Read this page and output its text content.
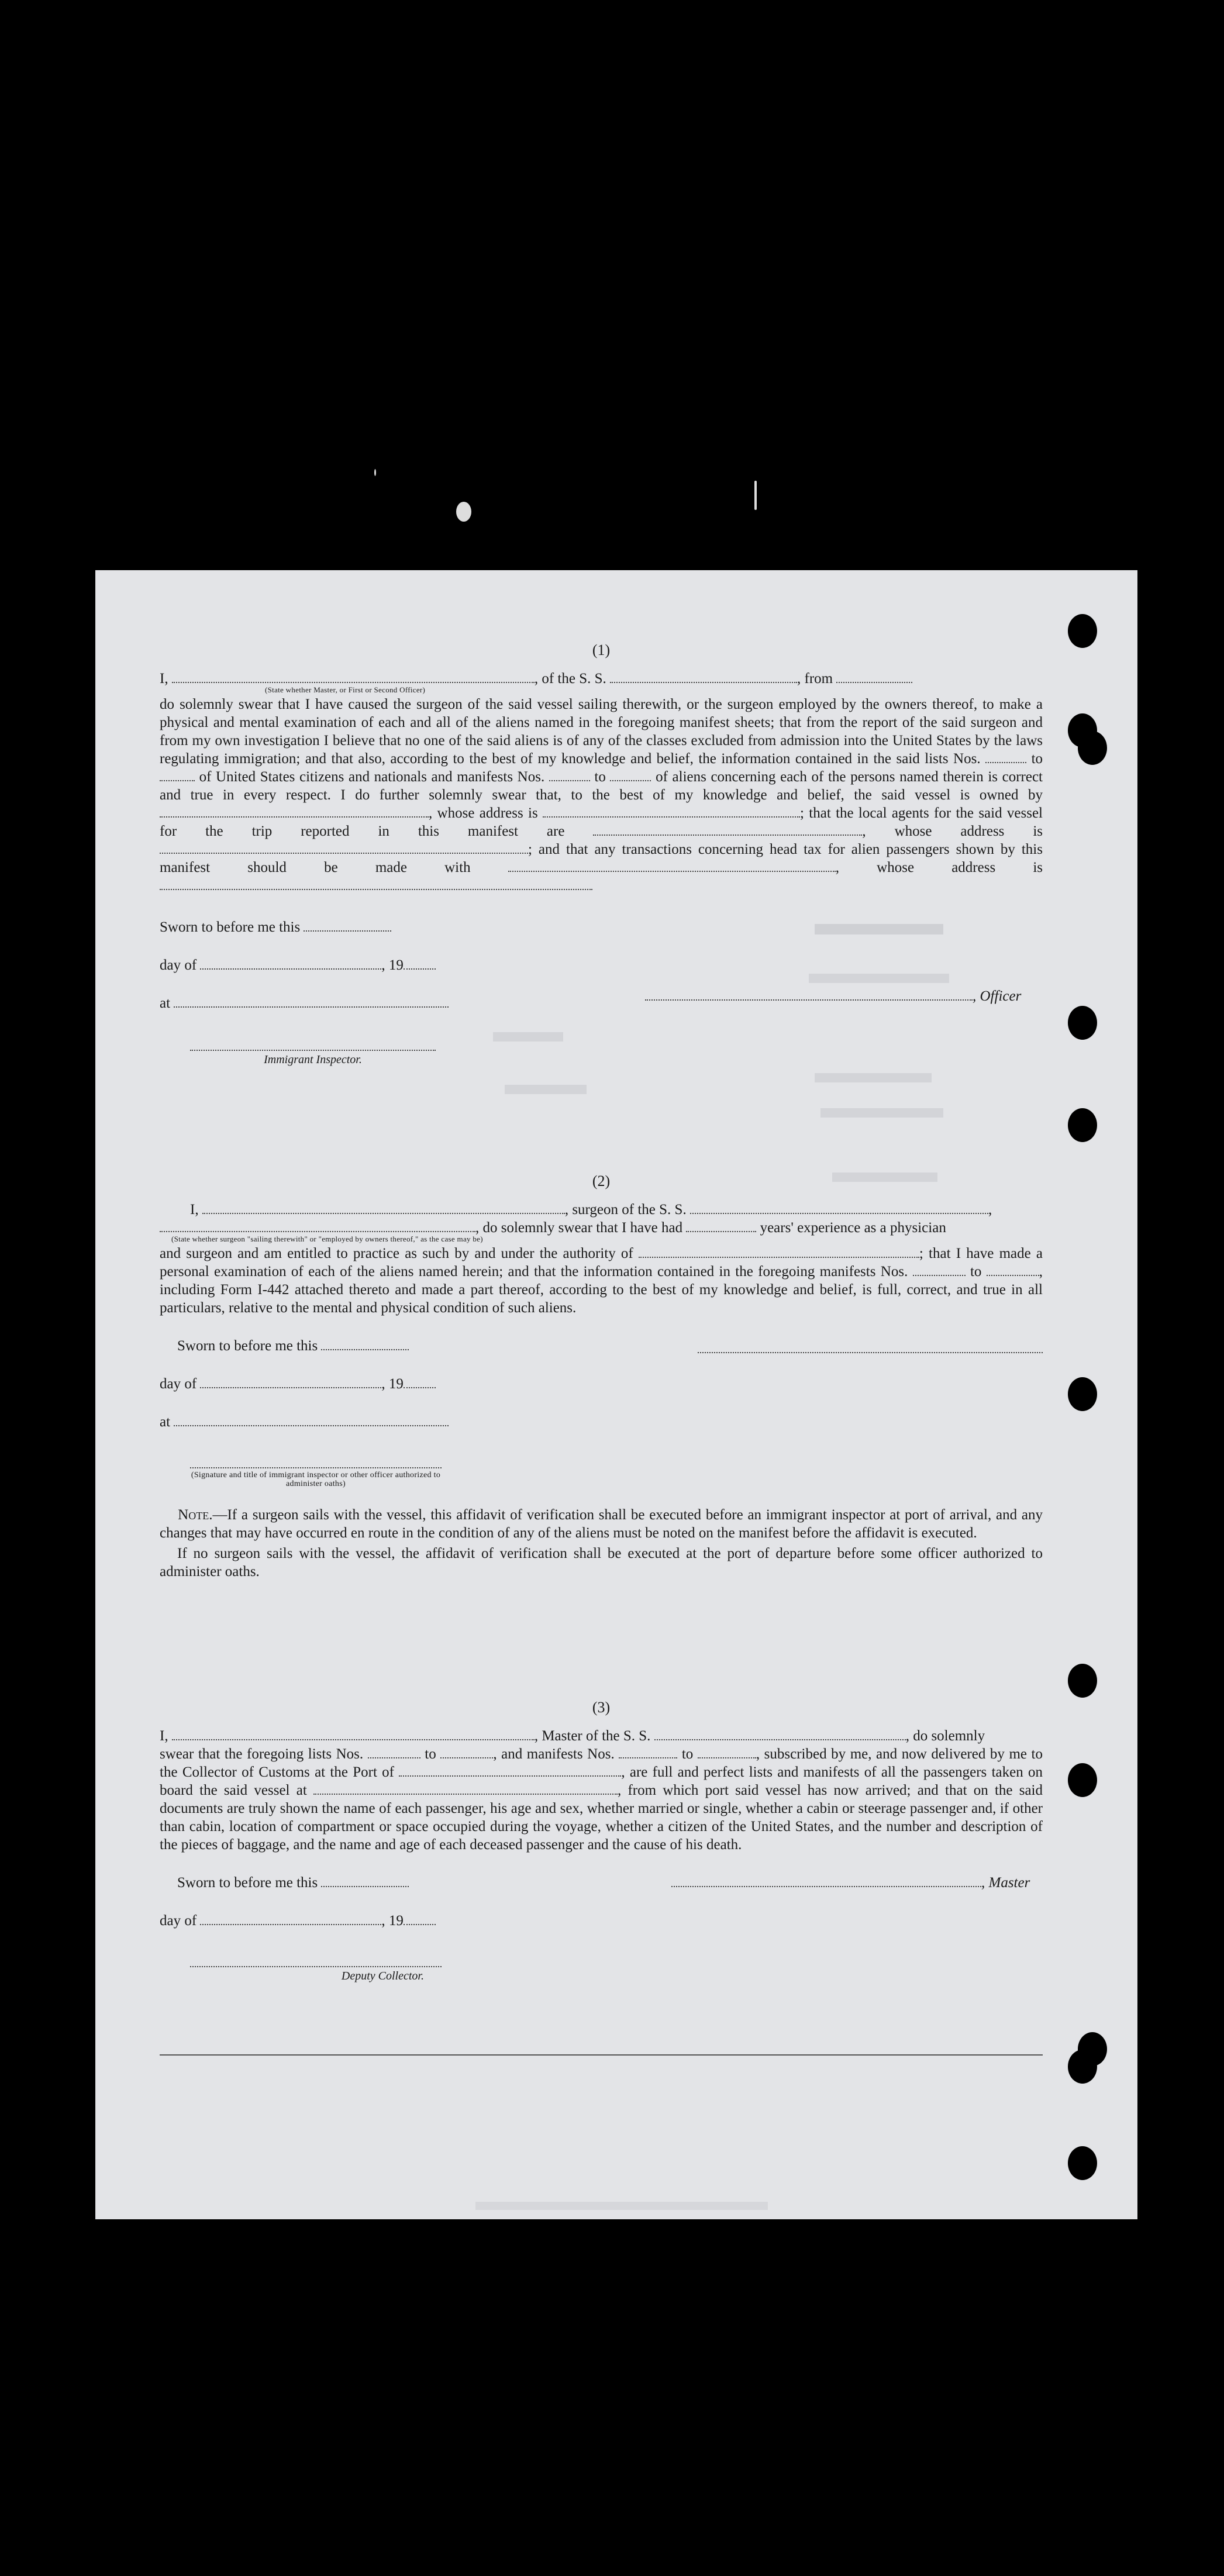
(1)
I,	, of the S. S.	, from
(State whether Master, or First or Second Officer)
do solemnly swear that I have caused the surgeon of the said vessel sailing therewith, or the surgeon employed by the owners thereof, to make a physical and mental examination of each and all of the aliens named in the foregoing manifest sheets; that from the report of the said surgeon and from my own investigation I believe that no one of the said aliens is of any of the classes excluded from admission into the United States by the laws regulating immigration; and that also, according to the best of my knowledge and belief, the information contained in the said lists Nos.	to  of United States citizens and nationals and manifests Nos.	to	of aliens concerning each of the persons named therein is correct and true in every respect. I do further solemnly swear that, to the best of my knowledge and belief, the said vessel is owned by , whose address is	; that the local agents for the said vessel for the trip reported in this manifest are	, whose address is ; and that any transactions concerning head tax for alien passengers shown by this manifest should be made with	, whose address is
Sworn to before me this
day of	, 19
at	, Officer
Immigrant Inspector.
(2)
I,	, surgeon of the S. S.	,
, do solemnly swear that I have had	years' experience as a physician
(State whether surgeon "sailing therewith" or "employed by owners thereof," as the case may be)
and surgeon and am entitled to practice as such by and under the authority of	; that I have made a personal examination of each of the aliens named herein; and that the information contained in the foregoing manifests Nos.	to	, including Form I-442 attached thereto and made a part thereof, according to the best of my knowledge and belief, is full, correct, and true in all particulars, relative to the mental and physical condition of such aliens.
Sworn to before me this
day of	, 19
at
(Signature and title of immigrant inspector or other officer authorized to administer oaths)
Note.—If a surgeon sails with the vessel, this affidavit of verification shall be executed before an immigrant inspector at port of arrival, and any changes that may have occurred en route in the condition of any of the aliens must be noted on the manifest before the affidavit is executed.
If no surgeon sails with the vessel, the affidavit of verification shall be executed at the port of departure before some officer authorized to administer oaths.
(3)
I,	, Master of the S. S.	, do solemnly
swear that the foregoing lists Nos.	to	, and manifests Nos.	to	, subscribed by me, and now delivered by me to the Collector of Customs at the Port of	, are full and perfect lists and manifests of all the passengers taken on board the said vessel at	, from which port said vessel has now arrived; and that on the said documents are truly shown the name of each passenger, his age and sex, whether married or single, whether a cabin or steerage passenger and, if other than cabin, location of compartment or space occupied during the voyage, whether a citizen of the United States, and the number and description of the pieces of baggage, and the name and age of each deceased passenger and the cause of his death.
Sworn to before me this	, Master
day of	, 19
Deputy Collector.
